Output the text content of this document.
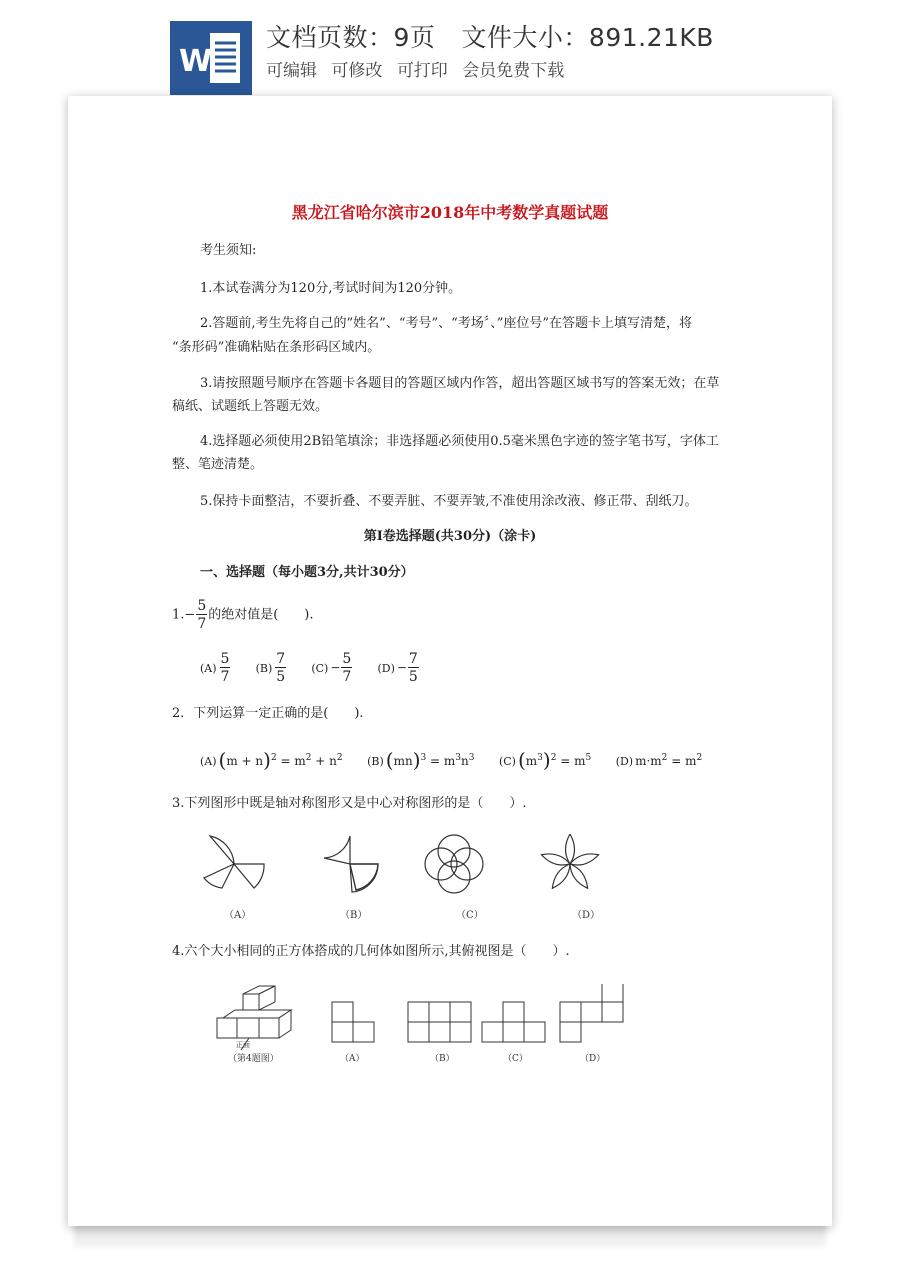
W
文档页数：9页 文件大小：891.21KB
可编辑 可修改 可打印 会员免费下载
黑龙江省哈尔滨市2018年中考数学真题试题
考生须知:
1.本试卷满分为120分,考试时间为120分钟。
2.答题前,考生先将自己的”姓名”、“考号”、“考场〞、”座位号”在答题卡上填写清楚，将
“条形码”准确粘贴在条形码区域内。
3.请按照题号顺序在答题卡各题目的答题区域内作答，超出答题区域书写的答案无效；在草
稿纸、试题纸上答题无效。
4.选择题必须使用2B铅笔填涂；非选择题必须使用0.5毫米黑色字迹的签字笔书写，字体工
整、笔迹清楚。
5.保持卡面整洁，不要折叠、不要弄脏、不要弄皱,不准使用涂改液、修正带、刮纸刀。
第Ⅰ卷选择题(共30分)（涂卡)
一、选择题（每小题3分,共计30分）
$1.- \frac{5}{7}$ 的绝对值是(　　).
$(A) \frac{5}{7} (B) \frac{7}{5} (C) - \frac{5}{7} (D) - \frac{7}{5}$
2．下列运算一定正确的是(　　).
(A) $(m + n)^2 = m^2 + n^2$ (B) $(mn)^3 = m^3n^3$ (C) $(m^3)^2 = m^5$ (D) $m\cdot m^2 = m^2$
3.下列图形中既是轴对称图形又是中心对称图形的是（　　）.
（A）	（B）	（C）	（D）
4.六个大小相同的正方体搭成的几何体如图所示,其俯视图是（　　）.
正面
（第4题图）	（A）	（B）	（C）	（D）
